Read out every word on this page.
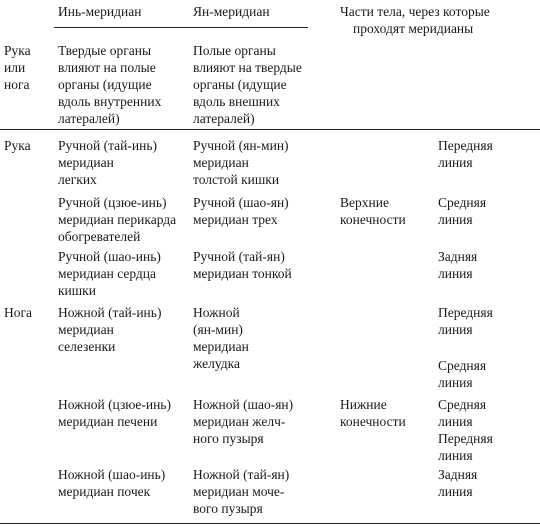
Инь-меридиан	Ян-меридиан	Части тела, через которые
проходят меридианы
Рука
или
нога
Твердые органы
влияют на полые
органы (идущие
вдоль внутренних
латералей)
Полые органы
влияют на твердые
органы (идущие
вдоль внешних
латералей)
Рука
Нога
Ручной (тай-инь)
меридиан
легких
Ручной (ян-мин)
меридиан
толстой кишки
Передняя
линия
Ручной (цзюе-инь)
меридиан перикарда
обогревателей
Ручной (шао-ян)
меридиан трех
Верхние
конечности
Средняя
линия
Ручной (шао-инь)
меридиан сердца
кишки
Ручной (тай-ян)
меридиан тонкой
Задняя
линия
Ножной (тай-инь)
меридиан
селезенки
Ножной
(ян-мин)
меридиан
желудка
Передняя
линия
Средняя
линия
Ножной (цзюе-инь)
меридиан печени
Ножной (шао-ян)
меридиан желч-
ного пузыря
Нижние
конечности
Средняя
линия
Передняя
линия
Ножной (шао-инь)
меридиан почек
Ножной (тай-ян)
меридиан моче-
вого пузыря
Задняя
линия
